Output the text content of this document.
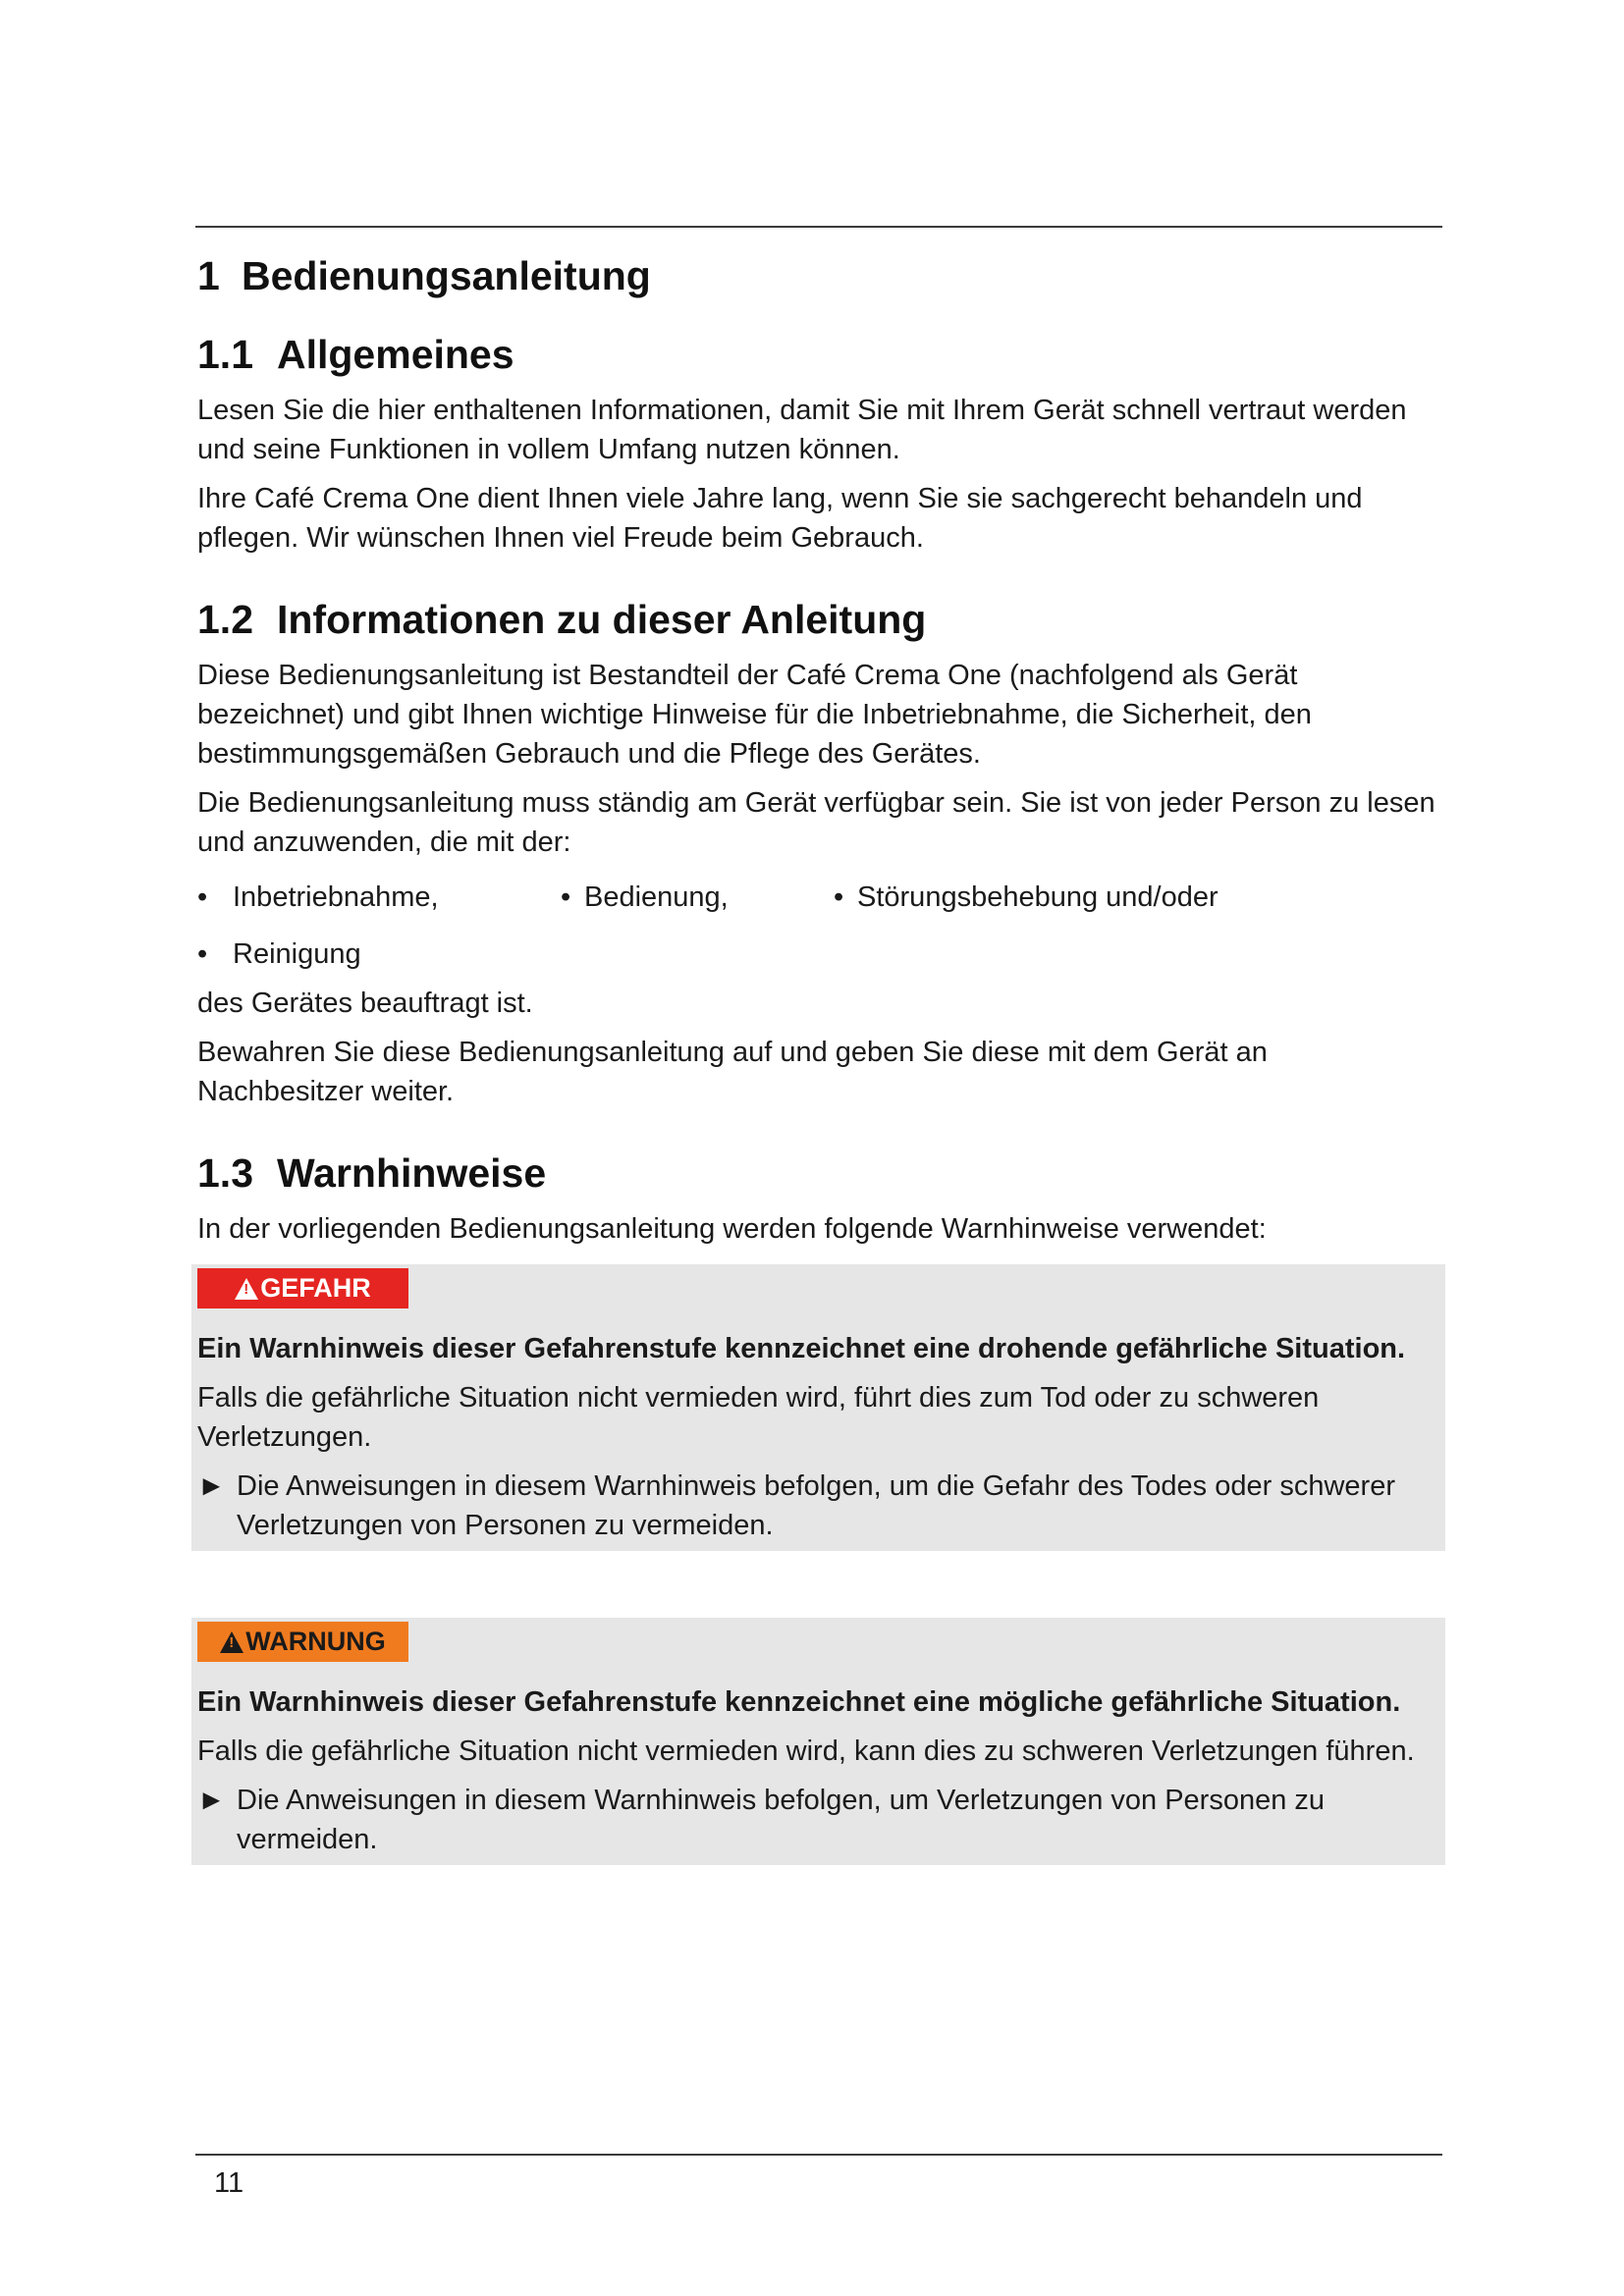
1 Bedienungsanleitung
1.1 Allgemeines

Lesen Sie die hier enthaltenen Informationen, damit Sie mit Ihrem Gerät schnell vertraut werden und seine Funktionen in vollem Umfang nutzen können.

Ihre Café Crema One dient Ihnen viele Jahre lang, wenn Sie sie sachgerecht behandeln und pflegen. Wir wünschen Ihnen viel Freude beim Gebrauch.

1.2 Informationen zu dieser Anleitung

Diese Bedienungsanleitung ist Bestandteil der Café Crema One (nachfolgend als Gerät bezeichnet) und gibt Ihnen wichtige Hinweise für die Inbetriebnahme, die Sicherheit, den bestimmungsgemäßen Gebrauch und die Pflege des Gerätes.

Die Bedienungsanleitung muss ständig am Gerät verfügbar sein. Sie ist von jeder Person zu lesen und anzuwenden, die mit der:

• Inbetriebnahme,	• Bedienung,	• Störungsbehebung und/oder
• Reinigung

des Gerätes beauftragt ist.

Bewahren Sie diese Bedienungsanleitung auf und geben Sie diese mit dem Gerät an Nachbesitzer weiter.

1.3 Warnhinweise

In der vorliegenden Bedienungsanleitung werden folgende Warnhinweise verwendet:

!
GEFAHR
Ein Warnhinweis dieser Gefahrenstufe kennzeichnet eine drohende gefährliche Situation.

Falls die gefährliche Situation nicht vermieden wird, führt dies zum Tod oder zu schweren Verletzungen.

► Die Anweisungen in diesem Warnhinweis befolgen, um die Gefahr des Todes oder schwerer Verletzungen von Personen zu vermeiden.
!
WARNUNG
Ein Warnhinweis dieser Gefahrenstufe kennzeichnet eine mögliche gefährliche Situation.

Falls die gefährliche Situation nicht vermieden wird, kann dies zu schweren Verletzungen führen.

► Die Anweisungen in diesem Warnhinweis befolgen, um Verletzungen von Personen zu vermeiden.
11
